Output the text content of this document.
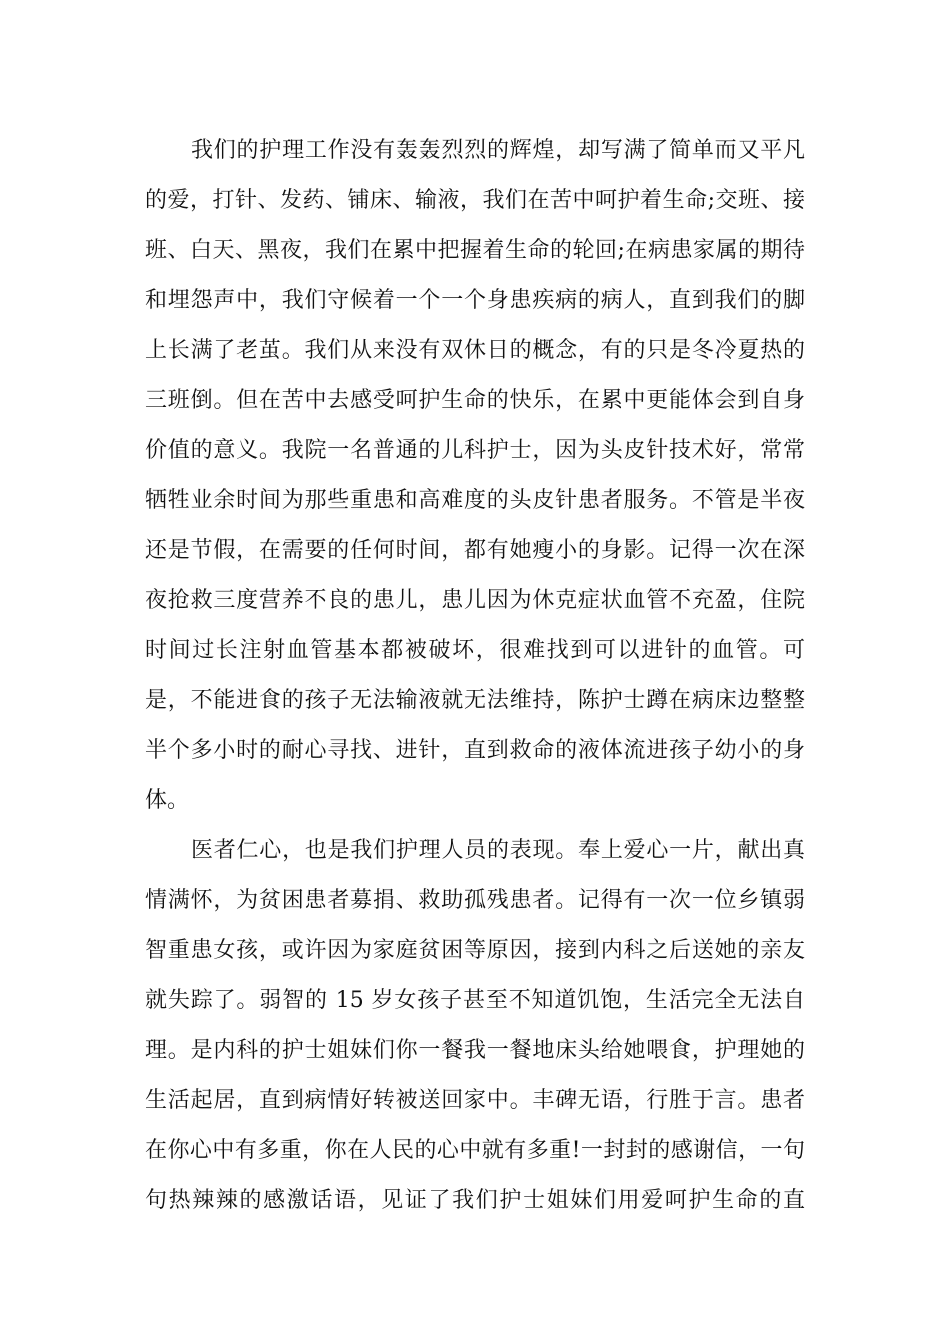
我们的护理工作没有轰轰烈烈的辉煌，却写满了简单而又平凡
的爱，打针、发药、铺床、输液，我们在苦中呵护着生命;交班、接
班、白天、黑夜，我们在累中把握着生命的轮回;在病患家属的期待
和埋怨声中，我们守候着一个一个身患疾病的病人，直到我们的脚
上长满了老茧。我们从来没有双休日的概念，有的只是冬冷夏热的
三班倒。但在苦中去感受呵护生命的快乐，在累中更能体会到自身
价值的意义。我院一名普通的儿科护士，因为头皮针技术好，常常
牺牲业余时间为那些重患和高难度的头皮针患者服务。不管是半夜
还是节假，在需要的任何时间，都有她瘦小的身影。记得一次在深
夜抢救三度营养不良的患儿，患儿因为休克症状血管不充盈，住院
时间过长注射血管基本都被破坏，很难找到可以进针的血管。可
是，不能进食的孩子无法输液就无法维持，陈护士蹲在病床边整整
半个多小时的耐心寻找、进针，直到救命的液体流进孩子幼小的身
体。
医者仁心，也是我们护理人员的表现。奉上爱心一片，献出真
情满怀，为贫困患者募捐、救助孤残患者。记得有一次一位乡镇弱
智重患女孩，或许因为家庭贫困等原因，接到内科之后送她的亲友
就失踪了。弱智的 15 岁女孩子甚至不知道饥饱，生活完全无法自
理。是内科的护士姐妹们你一餐我一餐地床头给她喂食，护理她的
生活起居，直到病情好转被送回家中。丰碑无语，行胜于言。患者
在你心中有多重，你在人民的心中就有多重!一封封的感谢信，一句
句热辣辣的感激话语，见证了我们护士姐妹们用爱呵护生命的直
